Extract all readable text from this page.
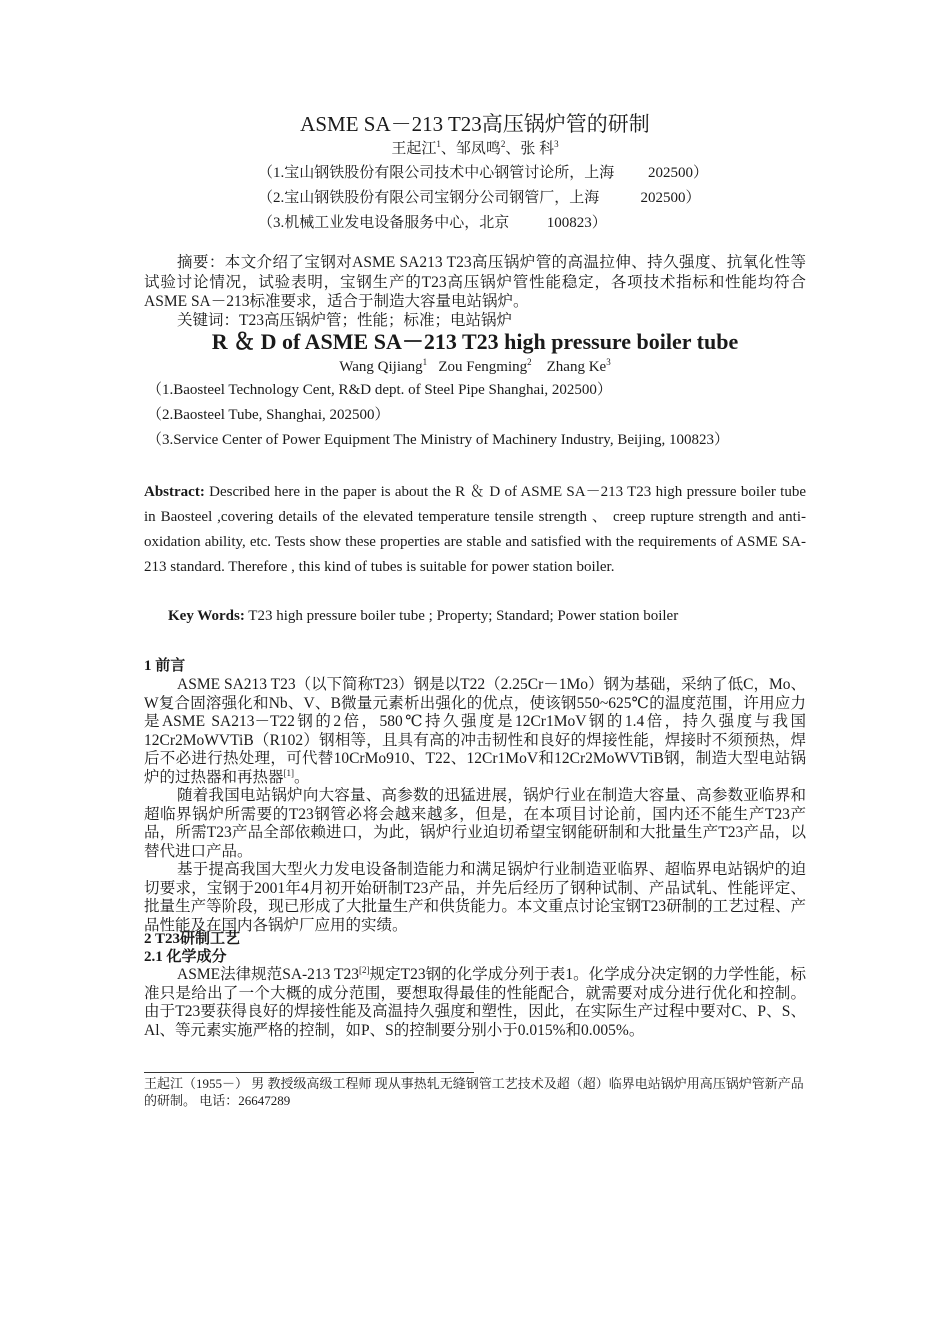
ASME SA－213 T23高压锅炉管的研制
王起江$^1$、邹凤鸣$^2$、张 科$^3$
（1.宝山钢铁股份有限公司技术中心钢管讨论所，上海         202500）
（2.宝山钢铁股份有限公司宝钢分公司钢管厂，上海           202500）
（3.机械工业发电设备服务中心，北京          100823）
摘要：本文介绍了宝钢对ASME SA213 T23高压锅炉管的高温拉伸、持久强度、抗氧化性等试验讨论情况，试验表明，宝钢生产的T23高压锅炉管性能稳定，各项技术指标和性能均符合ASME SA－213标准要求，适合于制造大容量电站锅炉。
关键词：T23高压锅炉管；性能；标准；电站锅炉
R ＆ D of ASME SA－213 T23 high pressure boiler tube
Wang Qijiang$^1$   Zou Fengming$^2$    Zhang Ke$^3$
（1.Baosteel Technology Cent, R&D dept. of Steel Pipe Shanghai, 202500）
（2.Baosteel Tube, Shanghai, 202500）
（3.Service Center of Power Equipment The Ministry of Machinery Industry, Beijing, 100823）
Abstract: Described here in the paper is about the R ＆ D of ASME SA－213 T23 high pressure boiler tube in Baosteel ,covering details of the elevated temperature tensile strength 、 creep rupture strength and anti-oxidation ability, etc. Tests show these properties are stable and satisfied with the requirements of ASME SA-213 standard. Therefore , this kind of tubes is suitable for power station boiler.
Key Words: T23 high pressure boiler tube ; Property; Standard; Power station boiler
1 前言
ASME SA213 T23（以下简称T23）钢是以T22（2.25Cr－1Mo）钢为基础，采纳了低C，Mo、W复合固溶强化和Nb、V、B微量元素析出强化的优点，使该钢550~625℃的温度范围，许用应力是ASME SA213－T22钢的2倍，580℃持久强度是12Cr1MoV钢的1.4倍，持久强度与我国12Cr2MoWVTiB（R102）钢相等，且具有高的冲击韧性和良好的焊接性能，焊接时不须预热，焊后不必进行热处理，可代替10CrMo910、T22、12Cr1MoV和12Cr2MoWVTiB钢，制造大型电站锅炉的过热器和再热器[1]。
随着我国电站锅炉向大容量、高参数的迅猛进展，锅炉行业在制造大容量、高参数亚临界和超临界锅炉所需要的T23钢管必将会越来越多，但是，在本项目讨论前，国内还不能生产T23产品，所需T23产品全部依赖进口，为此，锅炉行业迫切希望宝钢能研制和大批量生产T23产品，以替代进口产品。
基于提高我国大型火力发电设备制造能力和满足锅炉行业制造亚临界、超临界电站锅炉的迫切要求，宝钢于2001年4月初开始研制T23产品，并先后经历了钢种试制、产品试轧、性能评定、批量生产等阶段，现已形成了大批量生产和供货能力。本文重点讨论宝钢T23研制的工艺过程、产品性能及在国内各锅炉厂应用的实绩。
2 T23研制工艺
2.1 化学成分
ASME法律规范SA-213 T23[2]规定T23钢的化学成分列于表1。化学成分决定钢的力学性能，标准只是给出了一个大概的成分范围，要想取得最佳的性能配合，就需要对成分进行优化和控制。由于T23要获得良好的焊接性能及高温持久强度和塑性，因此，在实际生产过程中要对C、P、S、Al、等元素实施严格的控制，如P、S的控制要分别小于0.015%和0.005%。
王起江（1955－） 男 教授级高级工程师 现从事热轧无缝钢管工艺技术及超（超）临界电站锅炉用高压锅炉管新产品的研制。 电话：26647289
